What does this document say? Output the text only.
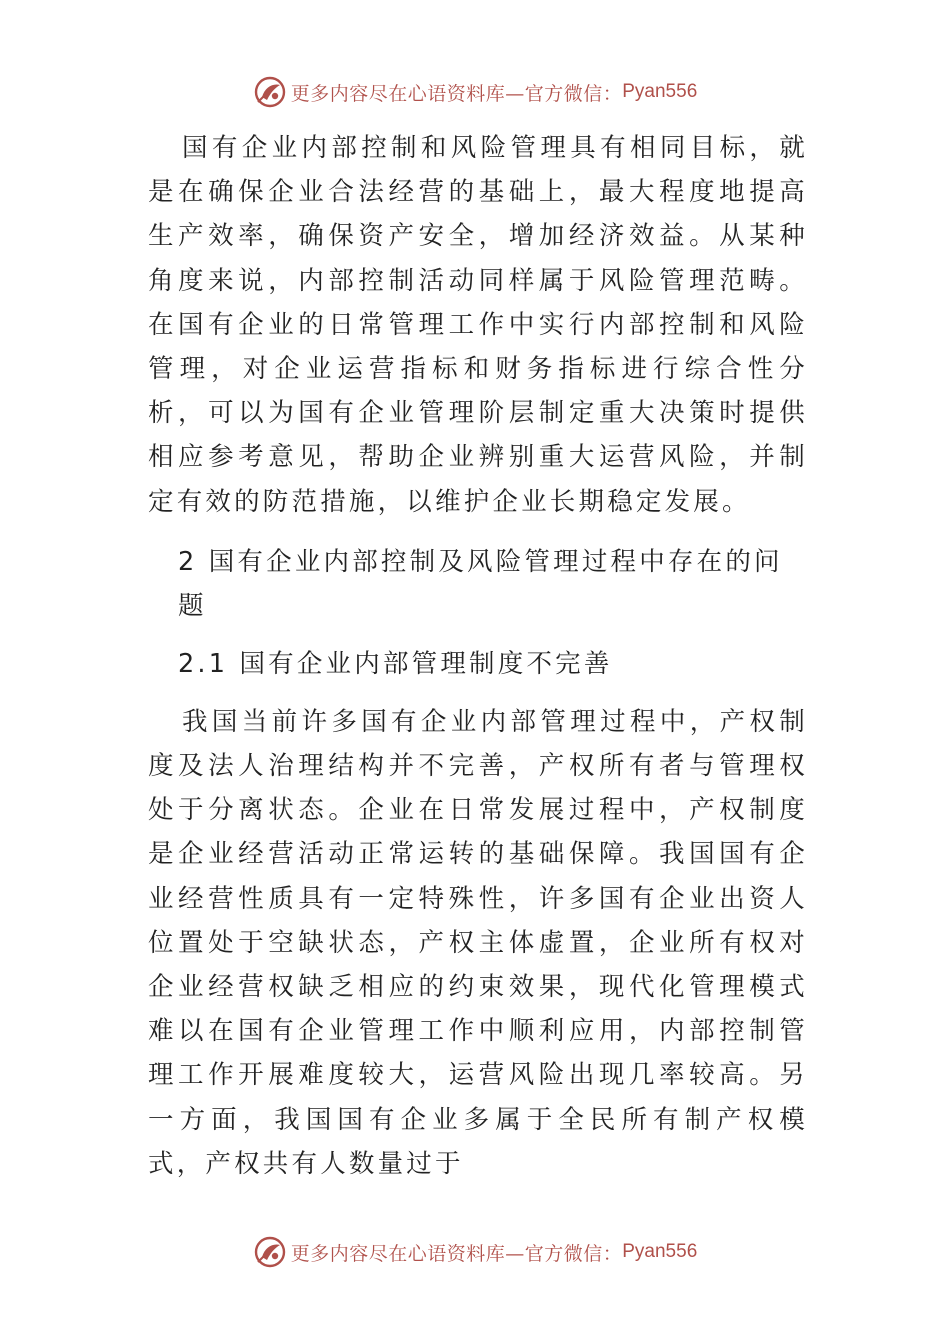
更多内容尽在心语资料库—官方微信： Pyan556

国有企业内部控制和风险管理具有相同目标，就是在确保企业合法经营的基础上，最大程度地提高生产效率，确保资产安全，增加经济效益。从某种角度来说，内部控制活动同样属于风险管理范畴。在国有企业的日常管理工作中实行内部控制和风险管理，对企业运营指标和财务指标进行综合性分析，可以为国有企业管理阶层制定重大决策时提供相应参考意见，帮助企业辨别重大运营风险，并制定有效的防范措施，以维护企业长期稳定发展。

2 国有企业内部控制及风险管理过程中存在的问题

2.1 国有企业内部管理制度不完善

我国当前许多国有企业内部管理过程中，产权制度及法人治理结构并不完善，产权所有者与管理权处于分离状态。企业在日常发展过程中，产权制度是企业经营活动正常运转的基础保障。我国国有企业经营性质具有一定特殊性，许多国有企业出资人位置处于空缺状态，产权主体虚置，企业所有权对企业经营权缺乏相应的约束效果，现代化管理模式难以在国有企业管理工作中顺利应用，内部控制管理工作开展难度较大，运营风险出现几率较高。另一方面，我国国有企业多属于全民所有制产权模式，产权共有人数量过于

更多内容尽在心语资料库—官方微信： Pyan556
